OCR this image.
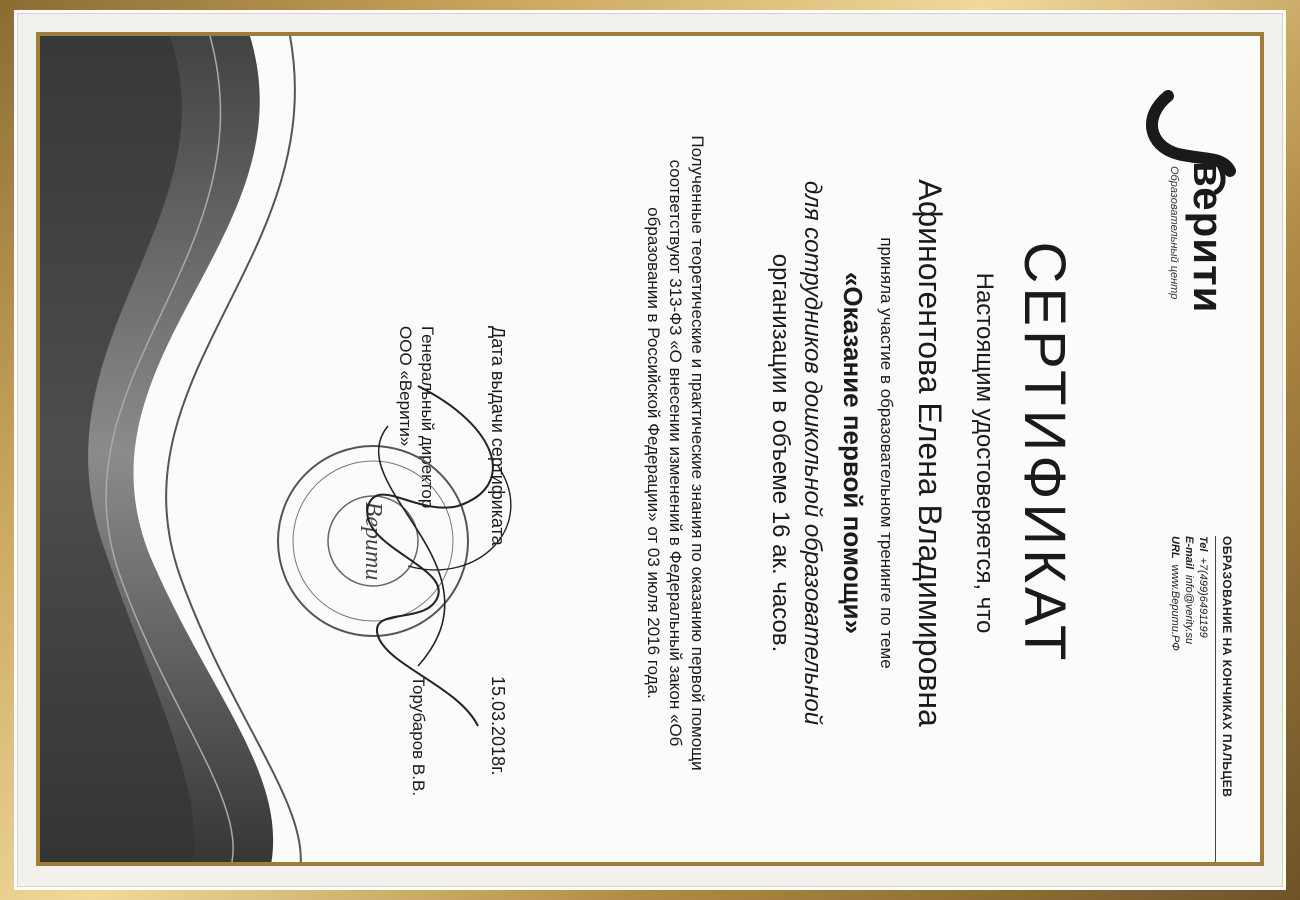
верити
Образовательный центр
ОБРАЗОВАНИЕ НА КОНЧИКАХ ПАЛЬЦЕВ
Tel+7(499)6491199
E-mailinfo@verity.su
URLwww.Верити.РФ
СЕРТИФИКАТ
Настоящим удостоверяется, что
Афиногентова Елена Владимировна
приняла участие в образовательном тренинге по теме
«Оказание первой помощи»
для сотрудников дошкольной образовательной
организации в объеме 16 ак. часов.
Полученные теоретические и практические знания по оказанию первой помощи соответствуют 313-ФЗ «О внесении изменений в Федеральный закон «Об образовании в Российской Федерации» от 03 июля 2016 года.
Дата выдачи сертификата
15.03.2018г.
Генеральный директор
ООО «Верити»
Торубаров В.В.
Верити
